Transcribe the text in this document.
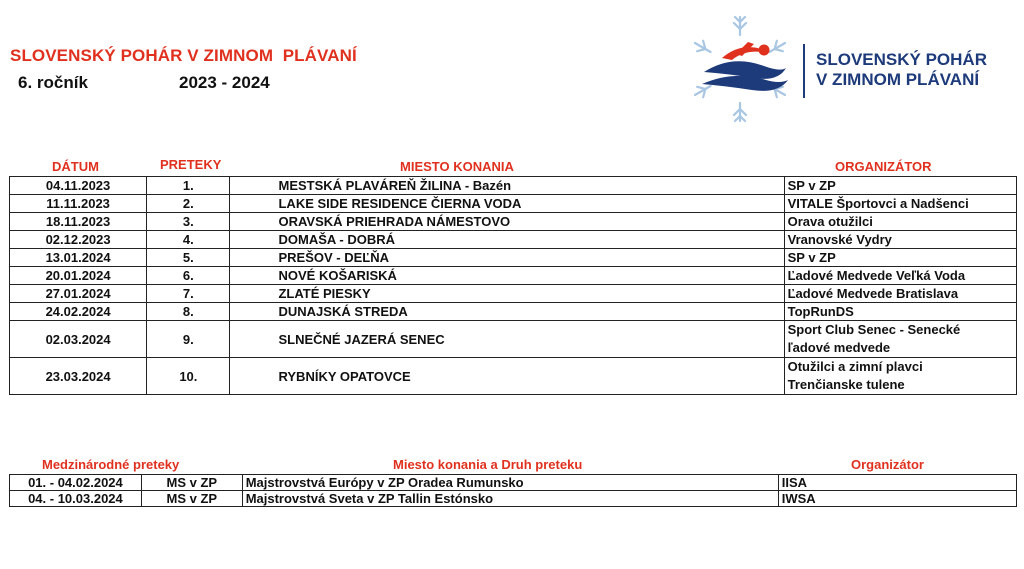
SLOVENSKÝ POHÁR V ZIMNOM  PLÁVANÍ
6. ročník	2023 - 2024
SLOVENSKÝ POHÁR
V ZIMNOM PLÁVANÍ
DÁTUM	PRETEKY	MIESTO KONANIA	ORGANIZÁTOR
04.11.2023	1.	MESTSKÁ PLAVÁREŇ ŽILINA - Bazén	SP v ZP
11.11.2023	2.	LAKE SIDE RESIDENCE ČIERNA VODA	VITALE Športovci a Nadšenci
18.11.2023	3.	ORAVSKÁ PRIEHRADA NÁMESTOVO	Orava otužilci
02.12.2023	4.	DOMAŠA - DOBRÁ	Vranovské Vydry
13.01.2024	5.	PREŠOV - DEĽŇA	SP v ZP
20.01.2024	6.	NOVÉ KOŠARISKÁ	Ľadové Medvede Veľká Voda
27.01.2024	7.	ZLATÉ PIESKY	Ľadové Medvede Bratislava
24.02.2024	8.	DUNAJSKÁ STREDA	TopRunDS
02.03.2024	9.	SLNEČNÉ JAZERÁ SENEC	Sport Club Senec - Senecké
ľadové medvede

23.03.2024	10.	RYBNÍKY OPATOVCE	Otužilci a zimní plavci
Trenčianske tulene
Medzinárodné preteky	Miesto konania a Druh preteku	Organizátor
01. - 04.02.2024	MS v ZP	Majstrovstvá Európy v ZP Oradea Rumunsko	IISA
04. - 10.03.2024	MS v ZP	Majstrovstvá Sveta v ZP Tallin Estónsko	IWSA
